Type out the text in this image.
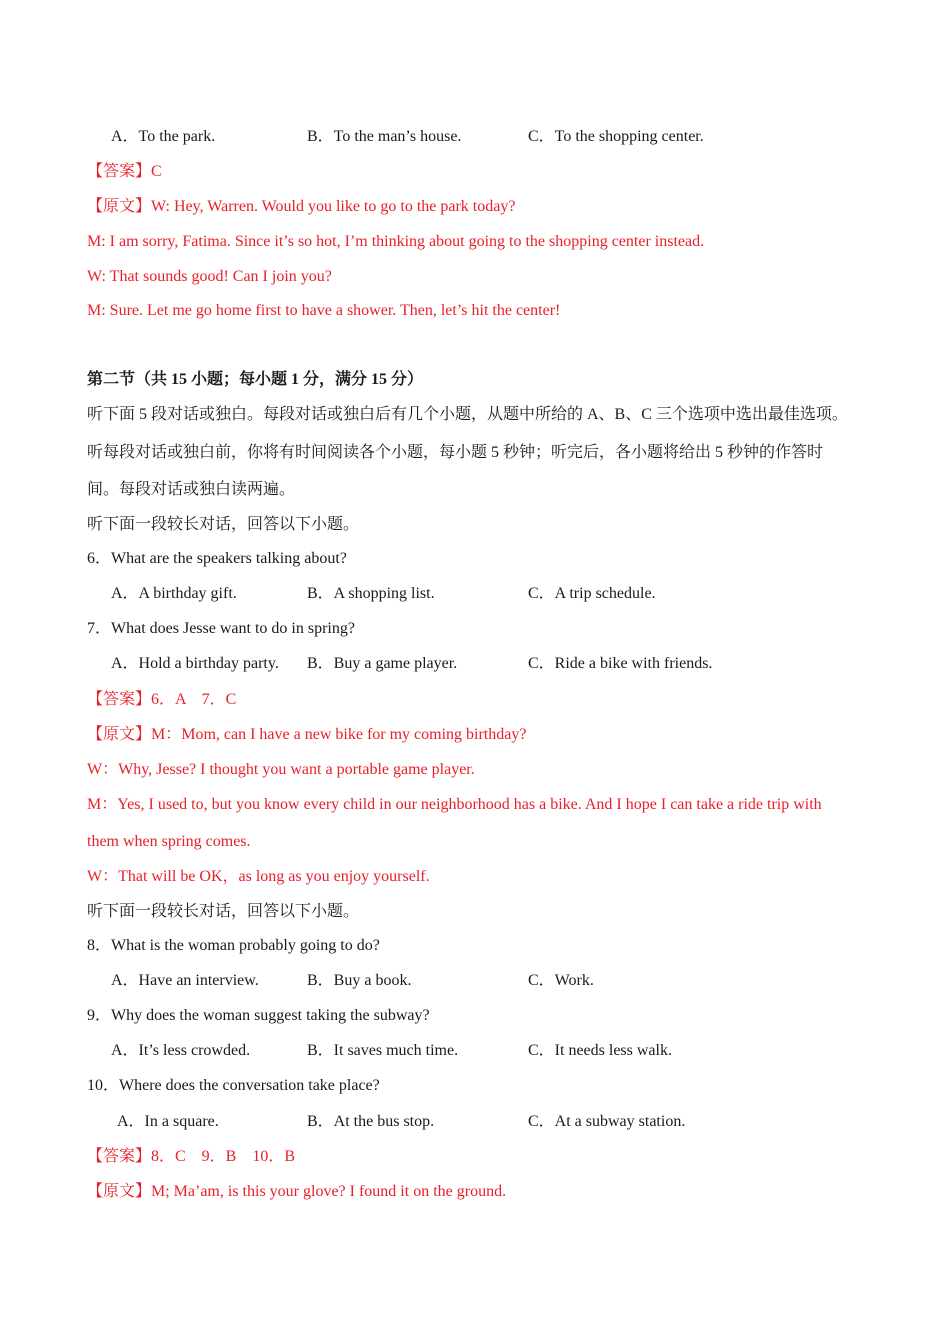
A．To the park.	B．To the man’s house.	C．To the shopping center.
【答案】C
【原文】W: Hey, Warren. Would you like to go to the park today?
M: I am sorry, Fatima. Since it’s so hot, I’m thinking about going to the shopping center instead.
W: That sounds good! Can I join you?
M: Sure. Let me go home first to have a shower. Then, let’s hit the center!
第二节（共 15 小题；每小题 1 分，满分 15 分）
听下面 5 段对话或独白。每段对话或独白后有几个小题，从题中所给的 A、B、C 三个选项中选出最佳选项。
听每段对话或独白前，你将有时间阅读各个小题，每小题 5 秒钟；听完后，各小题将给出 5 秒钟的作答时
间。每段对话或独白读两遍。
听下面一段较长对话，回答以下小题。
6．What are the speakers talking about?
A．A birthday gift.	B．A shopping list.	C．A trip schedule.
7．What does Jesse want to do in spring?
A．Hold a birthday party. B．Buy a game player.	C．Ride a bike with friends.
【答案】6．A　7．C
【原文】M：Mom, can I have a new bike for my coming birthday?
W：Why, Jesse? I thought you want a portable game player.
M：Yes, I used to, but you know every child in our neighborhood has a bike. And I hope I can take a ride trip with
them when spring comes.
W：That will be OK，as long as you enjoy yourself.
听下面一段较长对话，回答以下小题。
8．What is the woman probably going to do?
A．Have an interview.	B．Buy a book.	C．Work.
9．Why does the woman suggest taking the subway?
A．It’s less crowded.	B．It saves much time.	C．It needs less walk.
10．Where does the conversation take place?
A．In a square.	B．At the bus stop.	C．At a subway station.
【答案】8．C　9．B　10．B
【原文】M; Ma’am, is this your glove? I found it on the ground.
